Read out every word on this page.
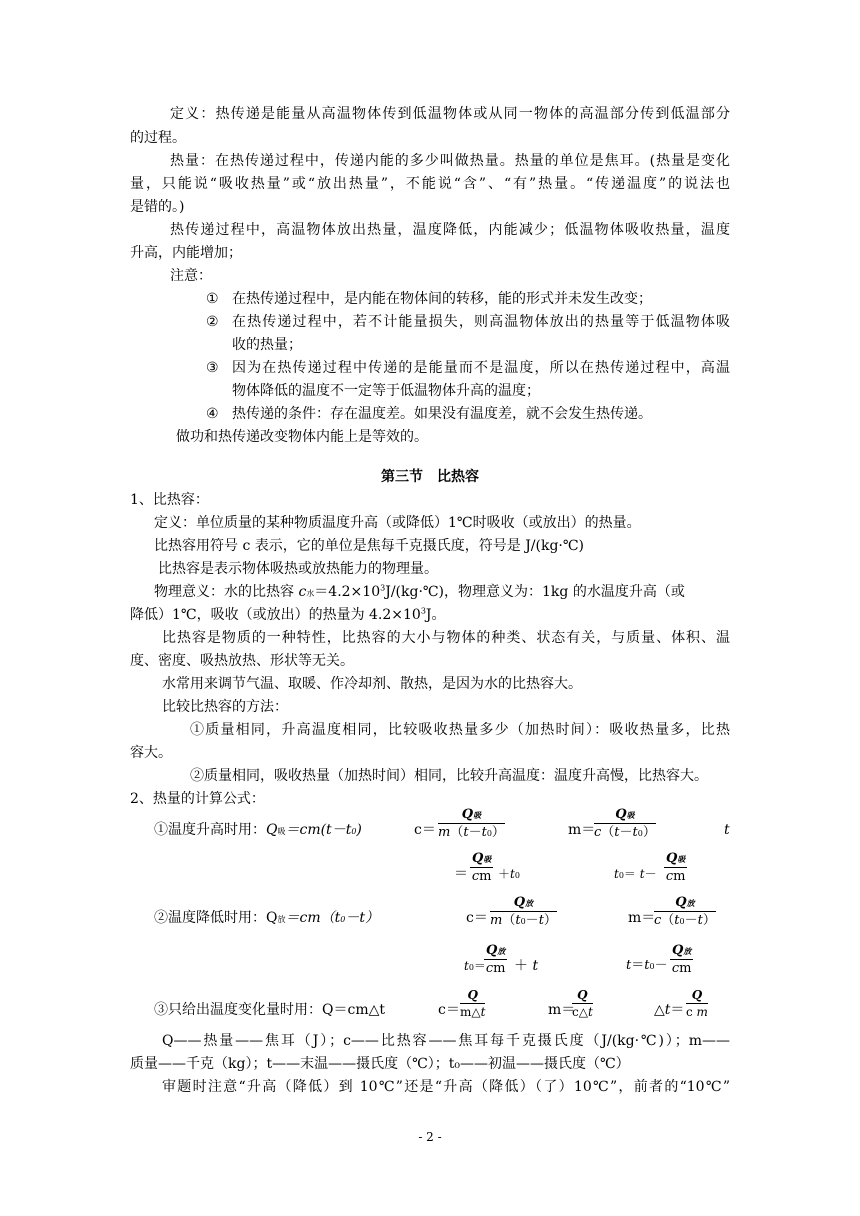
定义：热传递是能量从高温物体传到低温物体或从同一物体的高温部分传到低温部分
的过程。
热量：在热传递过程中，传递内能的多少叫做热量。热量的单位是焦耳。(热量是变化
量，只能说“吸收热量”或“放出热量”，不能说“含”、“有”热量。“传递温度”的说法也
是错的。)
热传递过程中，高温物体放出热量，温度降低，内能减少；低温物体吸收热量，温度
升高，内能增加；
注意：
① 在热传递过程中，是内能在物体间的转移，能的形式并未发生改变；
② 在热传递过程中，若不计能量损失，则高温物体放出的热量等于低温物体吸
收的热量；
③ 因为在热传递过程中传递的是能量而不是温度，所以在热传递过程中，高温
物体降低的温度不一定等于低温物体升高的温度；
④ 热传递的条件：存在温度差。如果没有温度差，就不会发生热传递。
做功和热传递改变物体内能上是等效的。
第三节　比热容
1、比热容：
定义：单位质量的某种物质温度升高（或降低）1℃时吸收（或放出）的热量。
比热容用符号 c 表示，它的单位是焦每千克摄氏度，符号是 J/(kg·℃)
比热容是表示物体吸热或放热能力的物理量。
物理意义：水的比热容 c水$=4.2\times 10^3J/(kg\cdot℃)$，物理意义为：1kg 的水温度升高（或
降低）1℃，吸收（或放出）的热量为 $4.2\times 10^3J$。
比热容是物质的一种特性，比热容的大小与物体的种类、状态有关，与质量、体积、温
度、密度、吸热放热、形状等无关。
水常用来调节气温、取暖、作冷却剂、散热，是因为水的比热容大。
比较比热容的方法：
①质量相同，升高温度相同，比较吸收热量多少（加热时间）：吸收热量多，比热
容大。
②质量相同，吸收热量（加热时间）相同，比较升高温度：温度升高慢，比热容大。
2、热量的计算公式：
①温度升高时用：Q吸＝cm(t－t0)	c＝
Q吸
m（t－t0）	m＝
Q吸
c（t－t0）	t
＝
Q吸
cm ＋t0	t0＝ t－
Q吸
cm
②温度降低时用：Q放＝cm（t0－t）	c＝
Q放
m（t0－t）	m＝
Q放
c（t0－t）
t0＝
Q放
cm ＋ t	t＝t0－
Q放
cm
③只给出温度变化量时用：Q＝cm△t	$c= \frac{Q}{m\triangle t}$	m＝
$\frac{Q}{c\triangle t}$	△t＝ $\frac{Q}{\text{c m}}$
Q——热量——焦耳（J）；c——比热容——焦耳每千克摄氏度（J/(kg·℃)）；m——
质量——千克（kg）；t——末温——摄氏度（℃）；t₀——初温——摄氏度（℃）
审题时注意“升高（降低）到 10℃”还是“升高（降低）（了）10℃”，前者的“10℃”
- 2 -
